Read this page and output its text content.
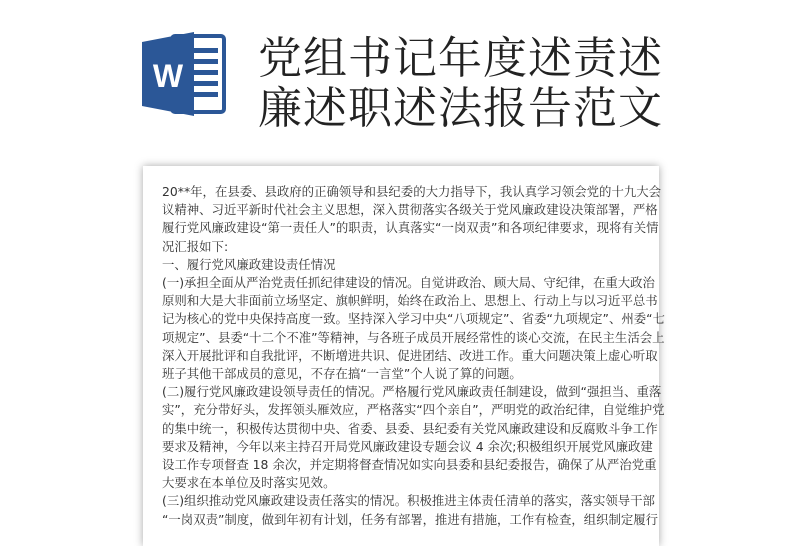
W 党组书记年度述责述
廉述职述法报告范文
20**年，在县委、县政府的正确领导和县纪委的大力指导下，我认真学习领会党的十九大会
议精神、习近平新时代社会主义思想，深入贯彻落实各级关于党风廉政建设决策部署，严格
履行党风廉政建设“第一责任人”的职责，认真落实“一岗双责”和各项纪律要求，现将有关情
况汇报如下:
一、履行党风廉政建设责任情况
(一)承担全面从严治党责任抓纪律建设的情况。自觉讲政治、顾大局、守纪律，在重大政治
原则和大是大非面前立场坚定、旗帜鲜明，始终在政治上、思想上、行动上与以习近平总书
记为核心的党中央保持高度一致。坚持深入学习中央“八项规定”、省委“九项规定”、州委“七
项规定”、县委“十二个不准”等精神，与各班子成员开展经常性的谈心交流，在民主生活会上
深入开展批评和自我批评，不断增进共识、促进团结、改进工作。重大问题决策上虚心听取
班子其他干部成员的意见，不存在搞“一言堂”个人说了算的问题。
(二)履行党风廉政建设领导责任的情况。严格履行党风廉政责任制建设，做到“强担当、重落
实”，充分带好头，发挥领头雁效应，严格落实“四个亲自”，严明党的政治纪律，自觉维护党
的集中统一，积极传达贯彻中央、省委、县委、县纪委有关党风廉政建设和反腐败斗争工作
要求及精神，今年以来主持召开局党风廉政建设专题会议 4 余次;积极组织开展党风廉政建
设工作专项督查 18 余次，并定期将督查情况如实向县委和县纪委报告，确保了从严治党重
大要求在本单位及时落实见效。
(三)组织推动党风廉政建设责任落实的情况。积极推进主体责任清单的落实，落实领导干部
“一岗双责”制度，做到年初有计划，任务有部署，推进有措施，工作有检查，组织制定履行
